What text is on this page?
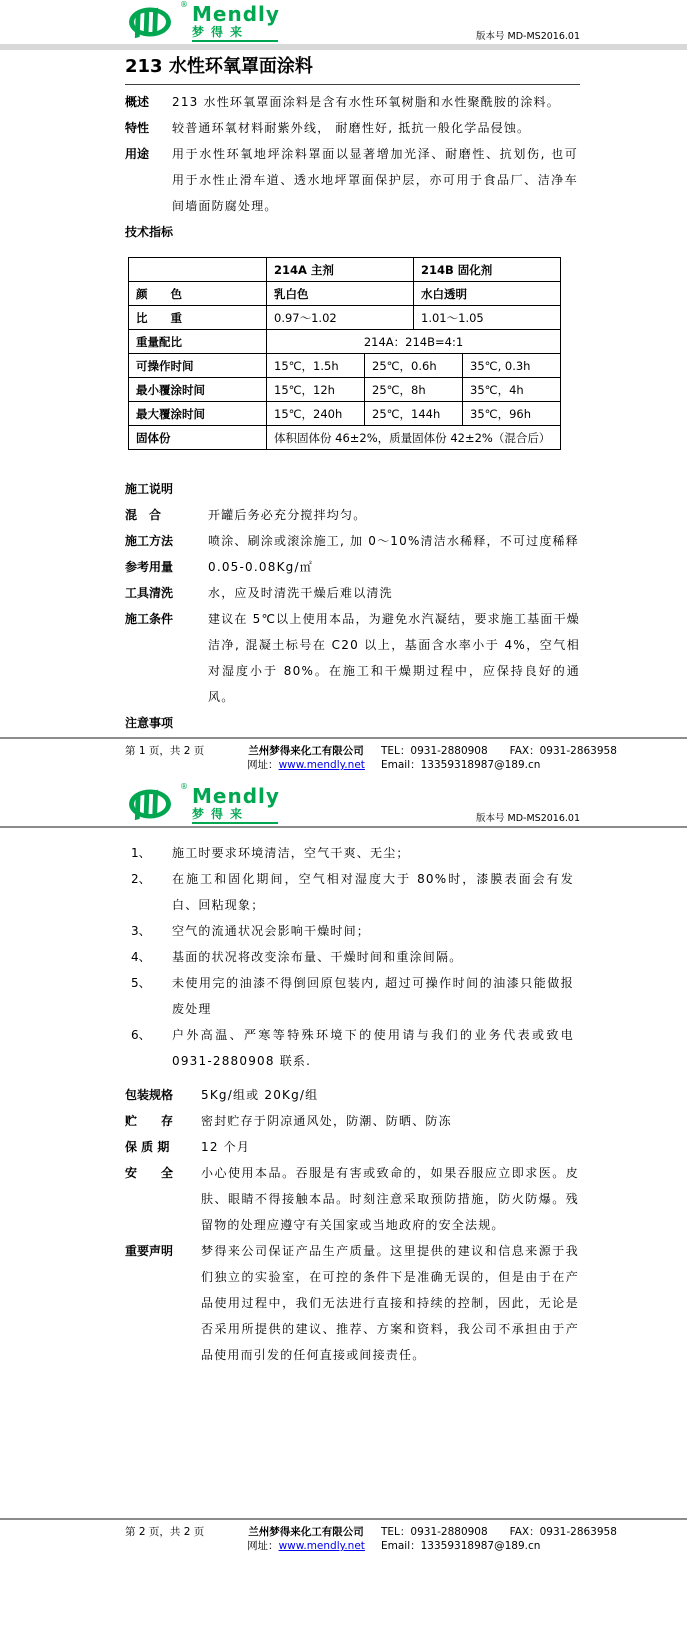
® Mendly
梦得来	版本号 MD-MS2016.01
213 水性环氧罩面涂料
概述	213 水性环氧罩面涂料是含有水性环氧树脂和水性聚酰胺的涂料。
特性	较普通环氧材料耐紫外线， 耐磨性好, 抵抗一般化学品侵蚀。
用途	用于水性环氧地坪涂料罩面以显著增加光泽、耐磨性、抗划伤, 也可用于水性止滑车道、透水地坪罩面保护层，亦可用于食品厂、洁净车间墙面防腐处理。
技术指标
	214A 主剂		214B 固化剂	
颜　　色	乳白色		水白透明	
比　　重	0.97～1.02		1.01～1.05	
重量配比	214A：214B=4:1			
可操作时间	15℃，1.5h	25℃，0.6h		35℃, 0.3h
最小覆涂时间	15℃，12h	25℃，8h		35℃，4h
最大覆涂时间	15℃，240h	25℃，144h		35℃，96h
固体份	体积固体份 46±2%，质量固体份 42±2%（混合后）			
施工说明
混　合	开罐后务必充分搅拌均匀。
施工方法	喷涂、刷涂或滚涂施工, 加 0～10%清洁水稀释，不可过度稀释
参考用量	0.05-0.08Kg/㎡
工具清洗	水，应及时清洗干燥后难以清洗
施工条件	建议在 5℃以上使用本品，为避免水汽凝结，要求施工基面干燥洁净, 混凝土标号在 C20 以上，基面含水率小于 4%，空气相对湿度小于 80%。在施工和干燥期过程中，应保持良好的通风。
注意事项
第 1 页，共 2 页	兰州梦得来化工有限公司
网址：www.mendly.net
TEL：0931-2880908 FAX：0931-2863958
Email：13359318987@189.cn
® Mendly
梦得来	版本号 MD-MS2016.01
1、	施工时要求环境清洁，空气干爽、无尘；
2、	在施工和固化期间，空气相对湿度大于 80%时，漆膜表面会有发白、回粘现象；
3、	空气的流通状况会影响干燥时间；
4、	基面的状况将改变涂布量、干燥时间和重涂间隔。
5、	未使用完的油漆不得倒回原包装内, 超过可操作时间的油漆只能做报废处理
6、	户外高温、严寒等特殊环境下的使用请与我们的业务代表或致电 0931-2880908 联系.
包装规格	5Kg/组或 20Kg/组
贮　　存	密封贮存于阴凉通风处，防潮、防晒、防冻
保 质 期	12 个月
安　　全	小心使用本品。吞服是有害或致命的，如果吞服应立即求医。皮肤、眼睛不得接触本品。时刻注意采取预防措施，防火防爆。残留物的处理应遵守有关国家或当地政府的安全法规。
重要声明	梦得来公司保证产品生产质量。这里提供的建议和信息来源于我们独立的实验室，在可控的条件下是准确无误的，但是由于在产品使用过程中，我们无法进行直接和持续的控制，因此，无论是否采用所提供的建议、推荐、方案和资料，我公司不承担由于产品使用而引发的任何直接或间接责任。
第 2 页，共 2 页	兰州梦得来化工有限公司
网址：www.mendly.net
TEL：0931-2880908 FAX：0931-2863958
Email：13359318987@189.cn
